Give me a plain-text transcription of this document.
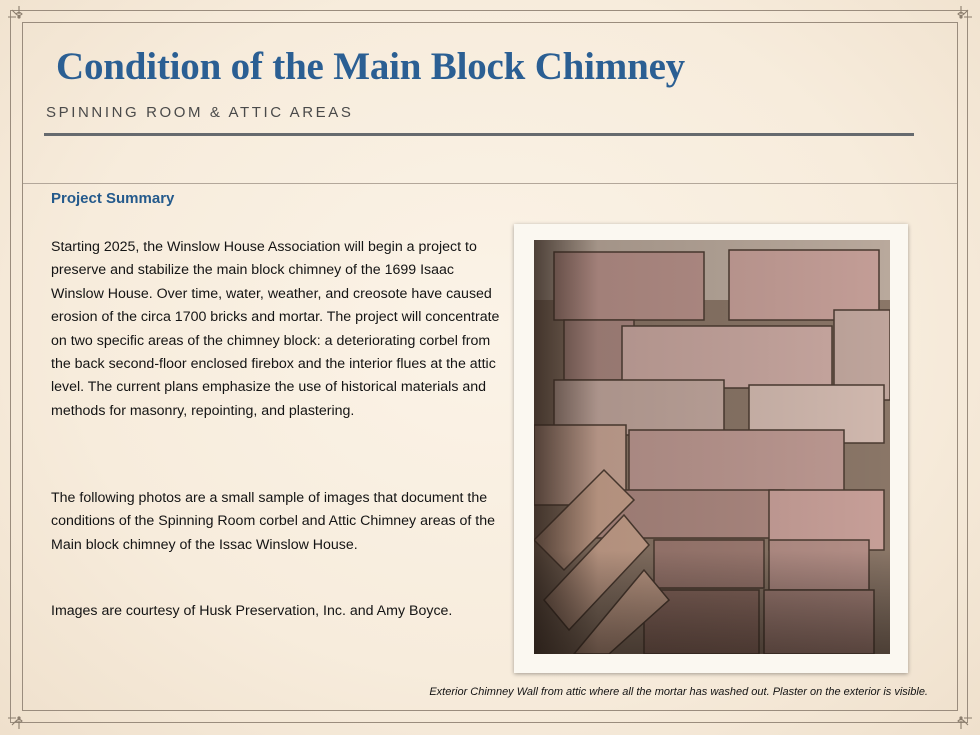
Condition of the Main Block Chimney
SPINNING ROOM & ATTIC AREAS
Project Summary

Starting 2025, the Winslow House Association will begin a project to preserve and stabilize the main block chimney of the 1699 Isaac Winslow House. Over time, water, weather, and creosote have caused erosion of the circa 1700 bricks and mortar. The project will concentrate on two specific areas of the chimney block: a deteriorating corbel from the back second-floor enclosed firebox and the interior flues at the attic level. The current plans emphasize the use of historical materials and methods for masonry, repointing, and plastering.

The following photos are a small sample of images that document the conditions of the Spinning Room corbel and Attic Chimney areas of the Main block chimney of the Issac Winslow House.

Images are courtesy of Husk Preservation, Inc. and Amy Boyce.

Exterior Chimney Wall from attic where all the mortar has washed out. Plaster on the exterior is visible.
